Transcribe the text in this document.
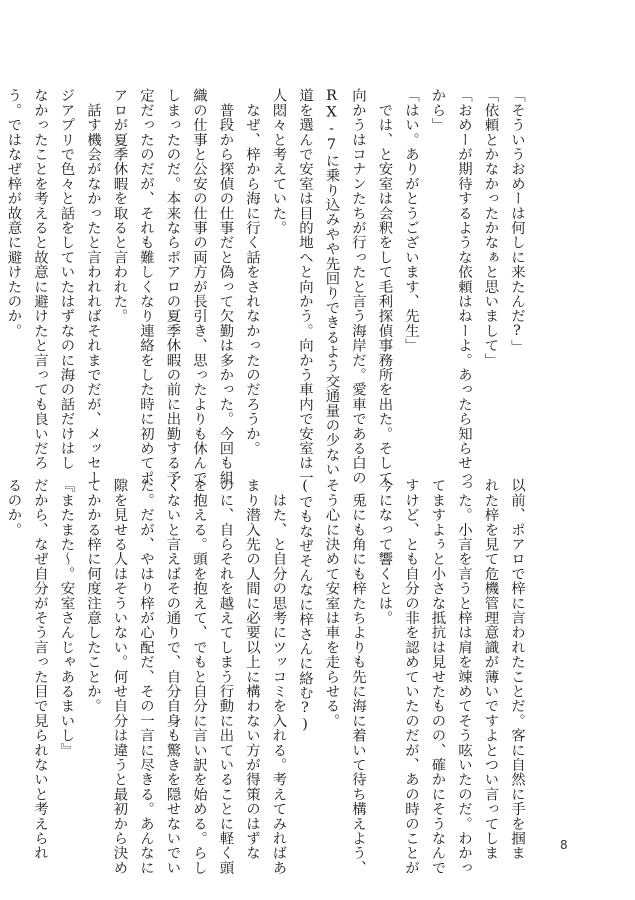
「そういうおめーは何しに来たんだ?」
「依頼とかなかったかなぁと思いまして」
「おめーが期待するような依頼はねーよ。あったら知らせっ
から」
「はい。ありがとうございます、先生」
　では、と安室は会釈をして毛利探偵事務所を出た。そして
向かうはコナンたちが行ったと言う海岸だ。愛車である白の
RX-7に乗り込みやや先回りできるよう交通量の少ない
道を選んで安室は目的地へと向かう。向かう車内で安室は一
人悶々と考えていた。
　なぜ、梓から海に行く話をされなかったのだろうか。
　普段から探偵の仕事だと偽って欠勤は多かった。今回も組
織の仕事と公安の仕事の両方が長引き、思ったよりも休んで
しまったのだ。本来ならポアロの夏季休暇の前に出勤する予
定だったのだが、それも難しくなり連絡をした時に初めてポ
アロが夏季休暇を取ると言われた。
　話す機会がなかったと言われればそれまでだが、メッセー
ジアプリで色々と話をしていたはずなのに海の話だけはし
なかったことを考えると故意に避けたと言っても良いだろ
う。ではなぜ梓が故意に避けたのか。
以前、ポアロで梓に言われたことだ。客に自然に手を掴ま
れた梓を見て危機管理意識が薄いですよとつい言ってしま
った。小言を言うと梓は肩を竦めてそう呟いたのだ。わかっ
てますよぅと小さな抵抗は見せたものの、確かにそうなんで
すけど、とも自分の非を認めていたのだが、あの時のことが
今になって響くとは。
　兎にも角にも梓たちよりも先に海に着いて待ち構えよう、
そう心に決めて安室は車を走らせる。
(でもなぜそんなに梓さんに絡む?)
　はた、と自分の思考にツッコミを入れる。考えてみればあ
まり潜入先の人間に必要以上に構わない方が得策のはずな
のに、自らそれを越えてしまう行動に出ていることに軽く頭
を抱える。頭を抱えて、でもと自分に言い訳を始める。らし
くないと言えばその通りで、自分自身も驚きを隠せないでい
た。だが、やはり梓が心配だ、その一言に尽きる。あんなに
隙を見せる人はそういない。何せ自分は違うと最初から決め
てかかる梓に何度注意したことか。
『またまた～。安室さんじゃあるまいし』
だから、なぜ自分がそう言った目で見られないと考えられ
るのか。
8
